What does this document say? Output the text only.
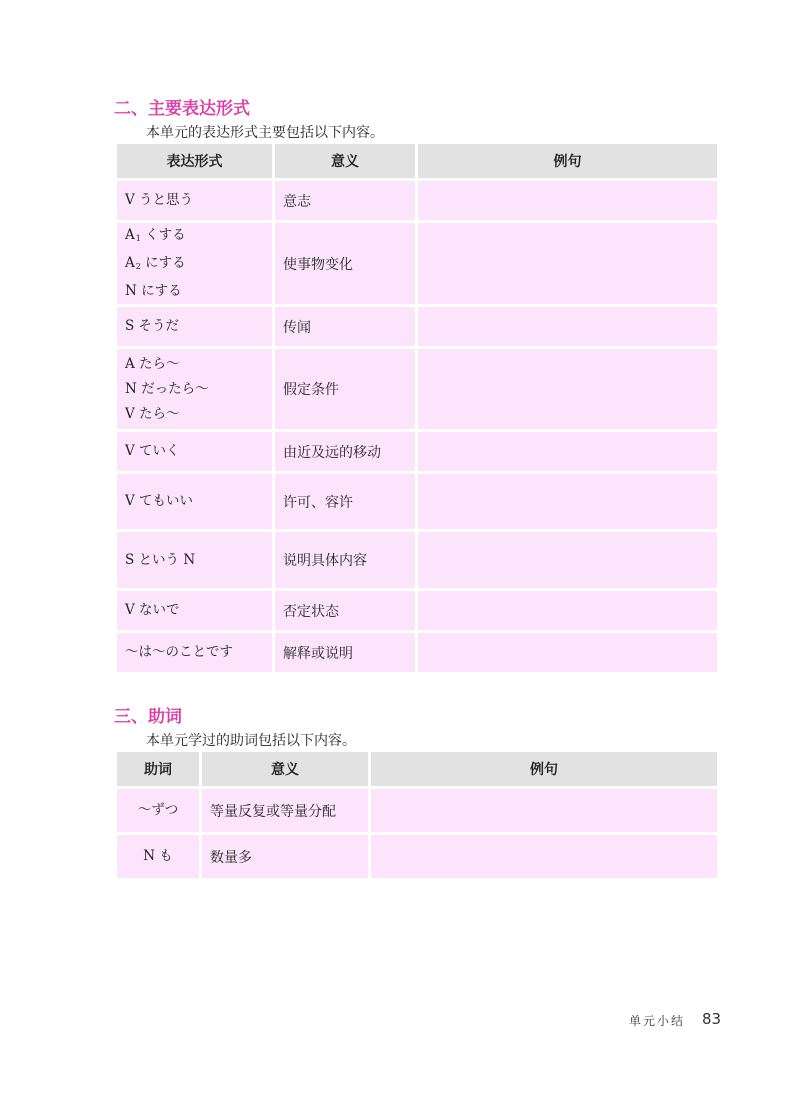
二、主要表达形式

本单元的表达形式主要包括以下内容。

表达形式	意义	例句

V うと思う	意志	

$A_1$ くする
$A_2$ にする
N にする	使事物变化	

S そうだ	传闻	

A たら～
N だったら～
V たら～	假定条件	

V ていく	由近及远的移动	

V てもいい	许可、容许	

S という N	说明具体内容	

V ないで	否定状态	

～は～のことです	解释或说明	
三、助词

本单元学过的助词包括以下内容。

助词	意义	例句

～ずつ	等量反复或等量分配	

N も	数量多	
单元小结 83
